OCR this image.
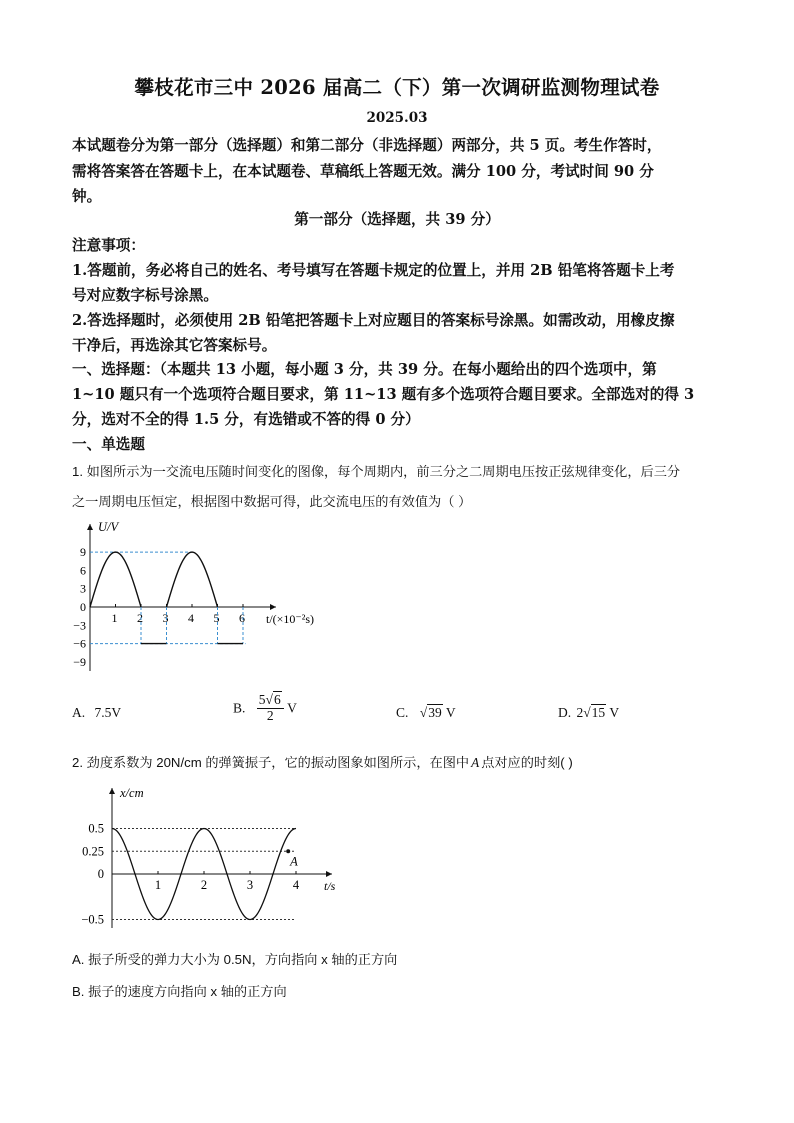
攀枝花市三中 2026 届高二（下）第一次调研监测物理试卷
2025.03
本试题卷分为第一部分（选择题）和第二部分（非选择题）两部分，共 5 页。考生作答时，
需将答案答在答题卡上，在本试题卷、草稿纸上答题无效。满分 100 分，考试时间 90 分
钟。
第一部分（选择题，共 39 分）
注意事项：
1.答题前，务必将自己的姓名、考号填写在答题卡规定的位置上，并用 2B 铅笔将答题卡上考
号对应数字标号涂黑。
2.答选择题时，必须使用 2B 铅笔把答题卡上对应题目的答案标号涂黑。如需改动，用橡皮擦
干净后，再选涂其它答案标号。
一、选择题：（本题共 13 小题，每小题 3 分，共 39 分。在每小题给出的四个选项中，第
1~10 题只有一个选项符合题目要求，第 11~13 题有多个选项符合题目要求。全部选对的得 3
分，选对不全的得 1.5 分，有选错或不答的得 0 分）
一、单选题
1. 如图所示为一交流电压随时间变化的图像，每个周期内，前三分之二周期电压按正弦规律变化，后三分
之一周期电压恒定，根据图中数据可得，此交流电压的有效值为（ ）
U/V
t/(×10⁻²s)
9
6
3
0
−3
−6
−9
1 2 3 4 5 6
A. 7.5V	B. $\frac{5√6}{2}$ V	C. √39 V	D. 2√15 V
2. 劲度系数为 20N/cm 的弹簧振子，它的振动图象如图所示，在图中 A 点对应的时刻( )
x/cm
t/s
0.5
0.25
0
−0.5
1	2	3	4
A
A. 振子所受的弹力大小为 0.5N，方向指向 x 轴的正方向
B. 振子的速度方向指向 x 轴的正方向
